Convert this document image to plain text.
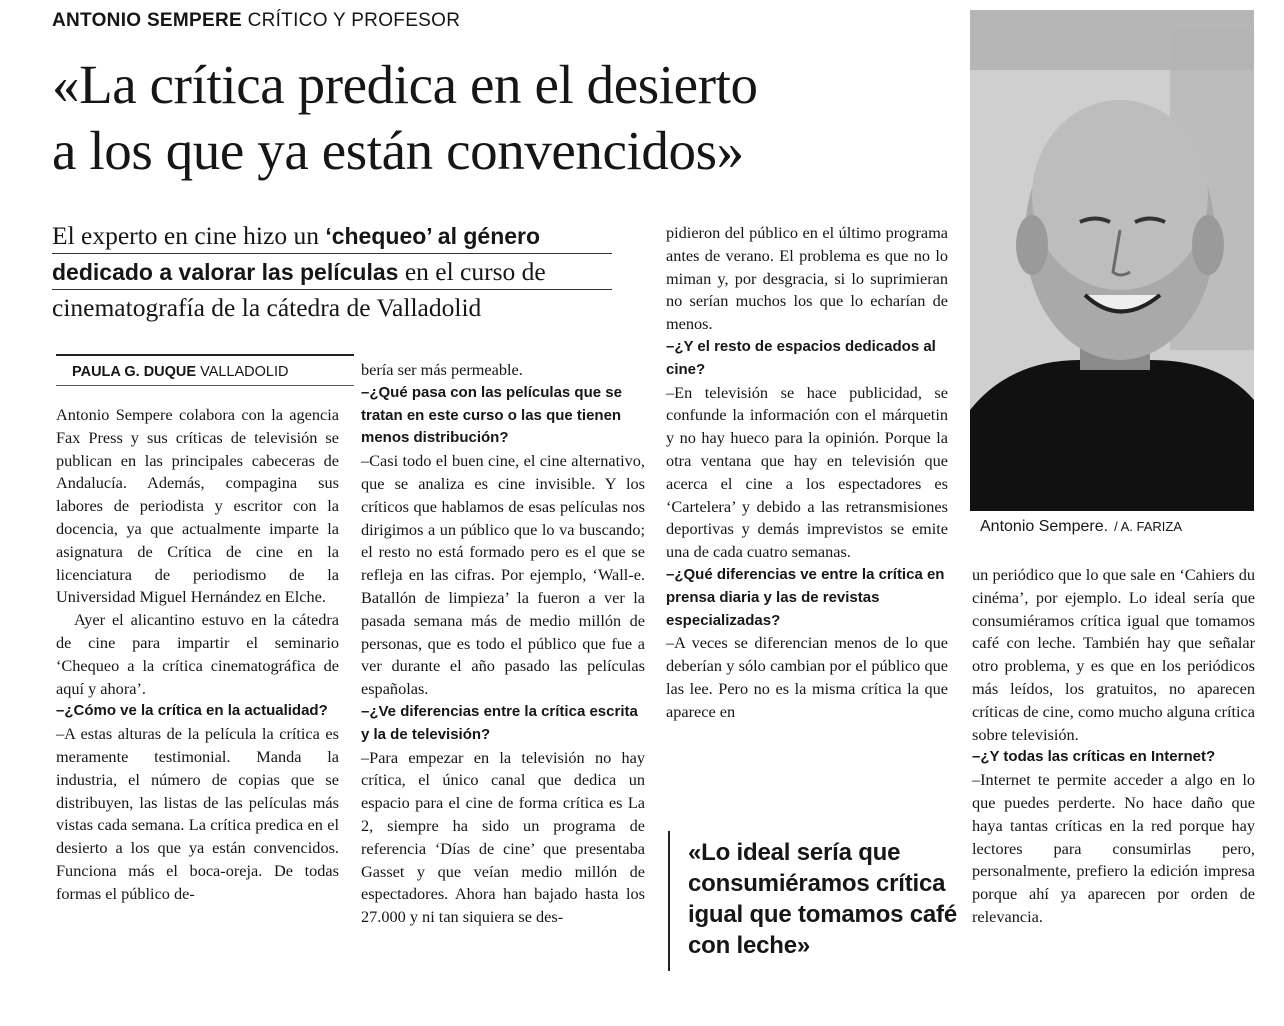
ANTONIO SEMPERE CRÍTICO Y PROFESOR
«La crítica predica en el desierto
a los que ya están convencidos»
El experto en cine hizo un ‘chequeo’ al género
dedicado a valorar las películas en el curso de
cinematografía de la cátedra de Valladolid
PAULA G. DUQUE VALLADOLID

Antonio Sempere colabora con la agencia Fax Press y sus críticas de televisión se publican en las principales cabeceras de Andalucía. Además, compagina sus labores de periodista y escritor con la docencia, ya que actualmente imparte la asignatura de Crítica de cine en la licenciatura de periodismo de la Universidad Miguel Hernández en Elche.

Ayer el alicantino estuvo en la cátedra de cine para impartir el seminario ‘Chequeo a la crítica cinematográfica de aquí y ahora’.

–¿Cómo ve la crítica en la actualidad?

–A estas alturas de la película la crítica es meramente testimonial. Manda la industria, el número de copias que se distribuyen, las listas de las películas más vistas cada semana. La crítica predica en el desierto a los que ya están convencidos. Funciona más el boca-oreja. De todas formas el público de-

bería ser más permeable.

–¿Qué pasa con las películas que se tratan en este curso o las que tienen menos distribución?

–Casi todo el buen cine, el cine alternativo, que se analiza es cine invisible. Y los críticos que hablamos de esas películas nos dirigimos a un público que lo va buscando; el resto no está formado pero es el que se refleja en las cifras. Por ejemplo, ‘Wall-e. Batallón de limpieza’ la fueron a ver la pasada semana más de medio millón de personas, que es todo el público que fue a ver durante el año pasado las películas españolas.

–¿Ve diferencias entre la crítica escrita y la de televisión?

–Para empezar en la televisión no hay crítica, el único canal que dedica un espacio para el cine de forma crítica es La 2, siempre ha sido un programa de referencia ‘Días de cine’ que presentaba Gasset y que veían medio millón de espectadores. Ahora han bajado hasta los 27.000 y ni tan siquiera se des-

pidieron del público en el último programa antes de verano. El problema es que no lo miman y, por desgracia, si lo suprimieran no serían muchos los que lo echarían de menos.

–¿Y el resto de espacios dedicados al cine?

–En televisión se hace publicidad, se confunde la información con el márquetin y no hay hueco para la opinión. Porque la otra ventana que hay en televisión que acerca el cine a los espectadores es ‘Cartelera’ y debido a las retransmisiones deportivas y demás imprevistos se emite una de cada cuatro semanas.

–¿Qué diferencias ve entre la crítica en prensa diaria y las de revistas especializadas?

–A veces se diferencian menos de lo que deberían y sólo cambian por el público que las lee. Pero no es la misma crítica la que aparece en

«Lo ideal sería que consumiéramos crítica igual que tomamos café con leche»
Antonio Sempere. / A. FARIZA

un periódico que lo que sale en ‘Cahiers du cinéma’, por ejemplo. Lo ideal sería que consumiéramos crítica igual que tomamos café con leche. También hay que señalar otro problema, y es que en los periódicos más leídos, los gratuitos, no aparecen críticas de cine, como mucho alguna crítica sobre televisión.

–¿Y todas las críticas en Internet?

–Internet te permite acceder a algo en lo que puedes perderte. No hace daño que haya tantas críticas en la red porque hay lectores para consumirlas pero, personalmente, prefiero la edición impresa porque ahí ya aparecen por orden de relevancia.
